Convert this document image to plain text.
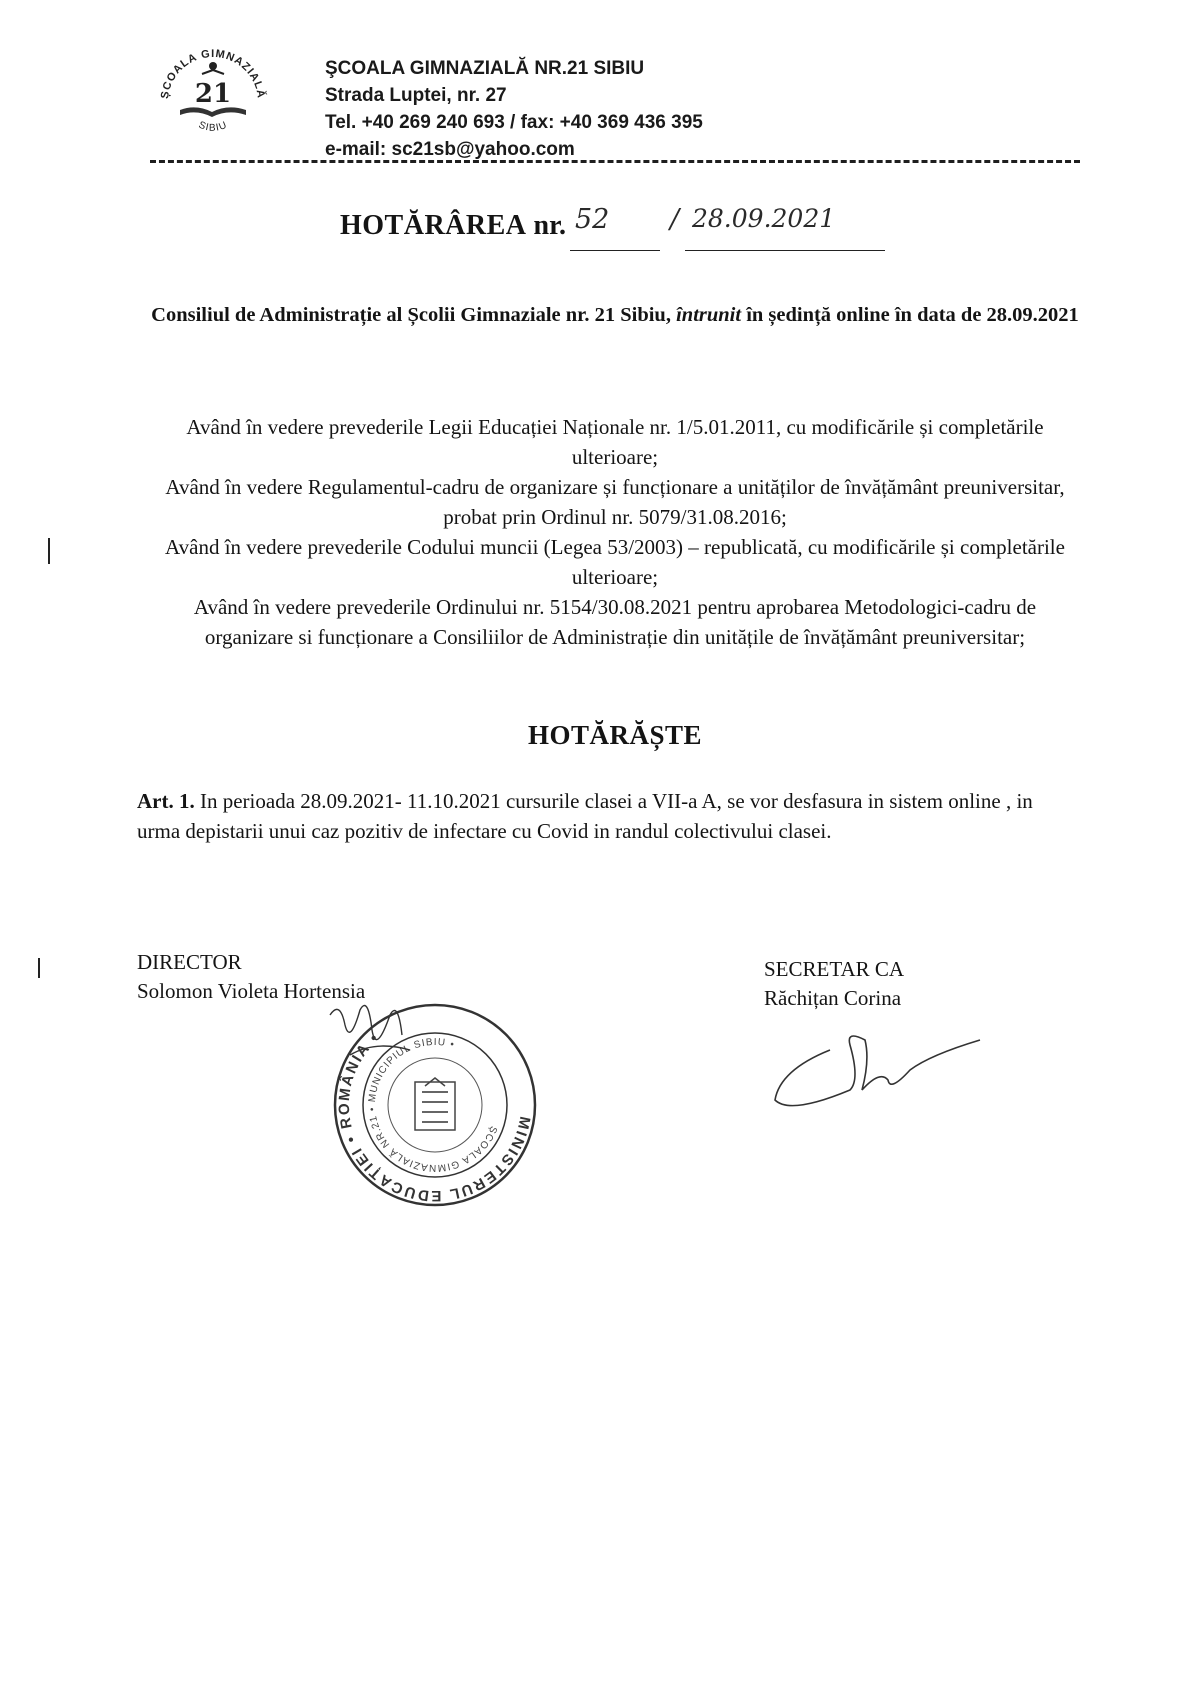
ȘCOALA GIMNAZIALĂ
SIBIU
21
ŞCOALA GIMNAZIALĂ NR.21 SIBIU
Strada Luptei, nr. 27
Tel. +40 269 240 693 / fax: +40 369 436 395
e-mail: sc21sb@yahoo.com
HOTĂRÂREA nr. 52 / 28.09.2021
Consiliul de Administrație al Școlii Gimnaziale nr. 21 Sibiu, întrunit în ședință online în data de 28.09.2021
Având în vedere prevederile Legii Educației Naționale nr. 1/5.01.2011, cu modificările și completările ulterioare;
Având în vedere Regulamentul-cadru de organizare și funcționare a unităților de învățământ preuniversitar, probat prin Ordinul nr. 5079/31.08.2016;
Având în vedere prevederile Codului muncii (Legea 53/2003) – republicată, cu modificările și completările ulterioare;
Având în vedere prevederile Ordinului nr. 5154/30.08.2021 pentru aprobarea Metodologici-cadru de organizare si funcționare a Consiliilor de Administrație din unitățile de învățământ preuniversitar;
HOTĂRĂȘTE
Art. 1. In perioada 28.09.2021- 11.10.2021 cursurile clasei a VII-a A, se vor desfasura in sistem online , in urma depistarii unui caz pozitiv de infectare cu Covid in randul colectivului clasei.
DIRECTOR
Solomon Violeta Hortensia
SECRETAR CA
Răchițan Corina
MINISTERUL EDUCAȚIEI • ROMÂNIA •
ȘCOALA GIMNAZIALĂ NR.21 • MUNICIPIUL SIBIU •
